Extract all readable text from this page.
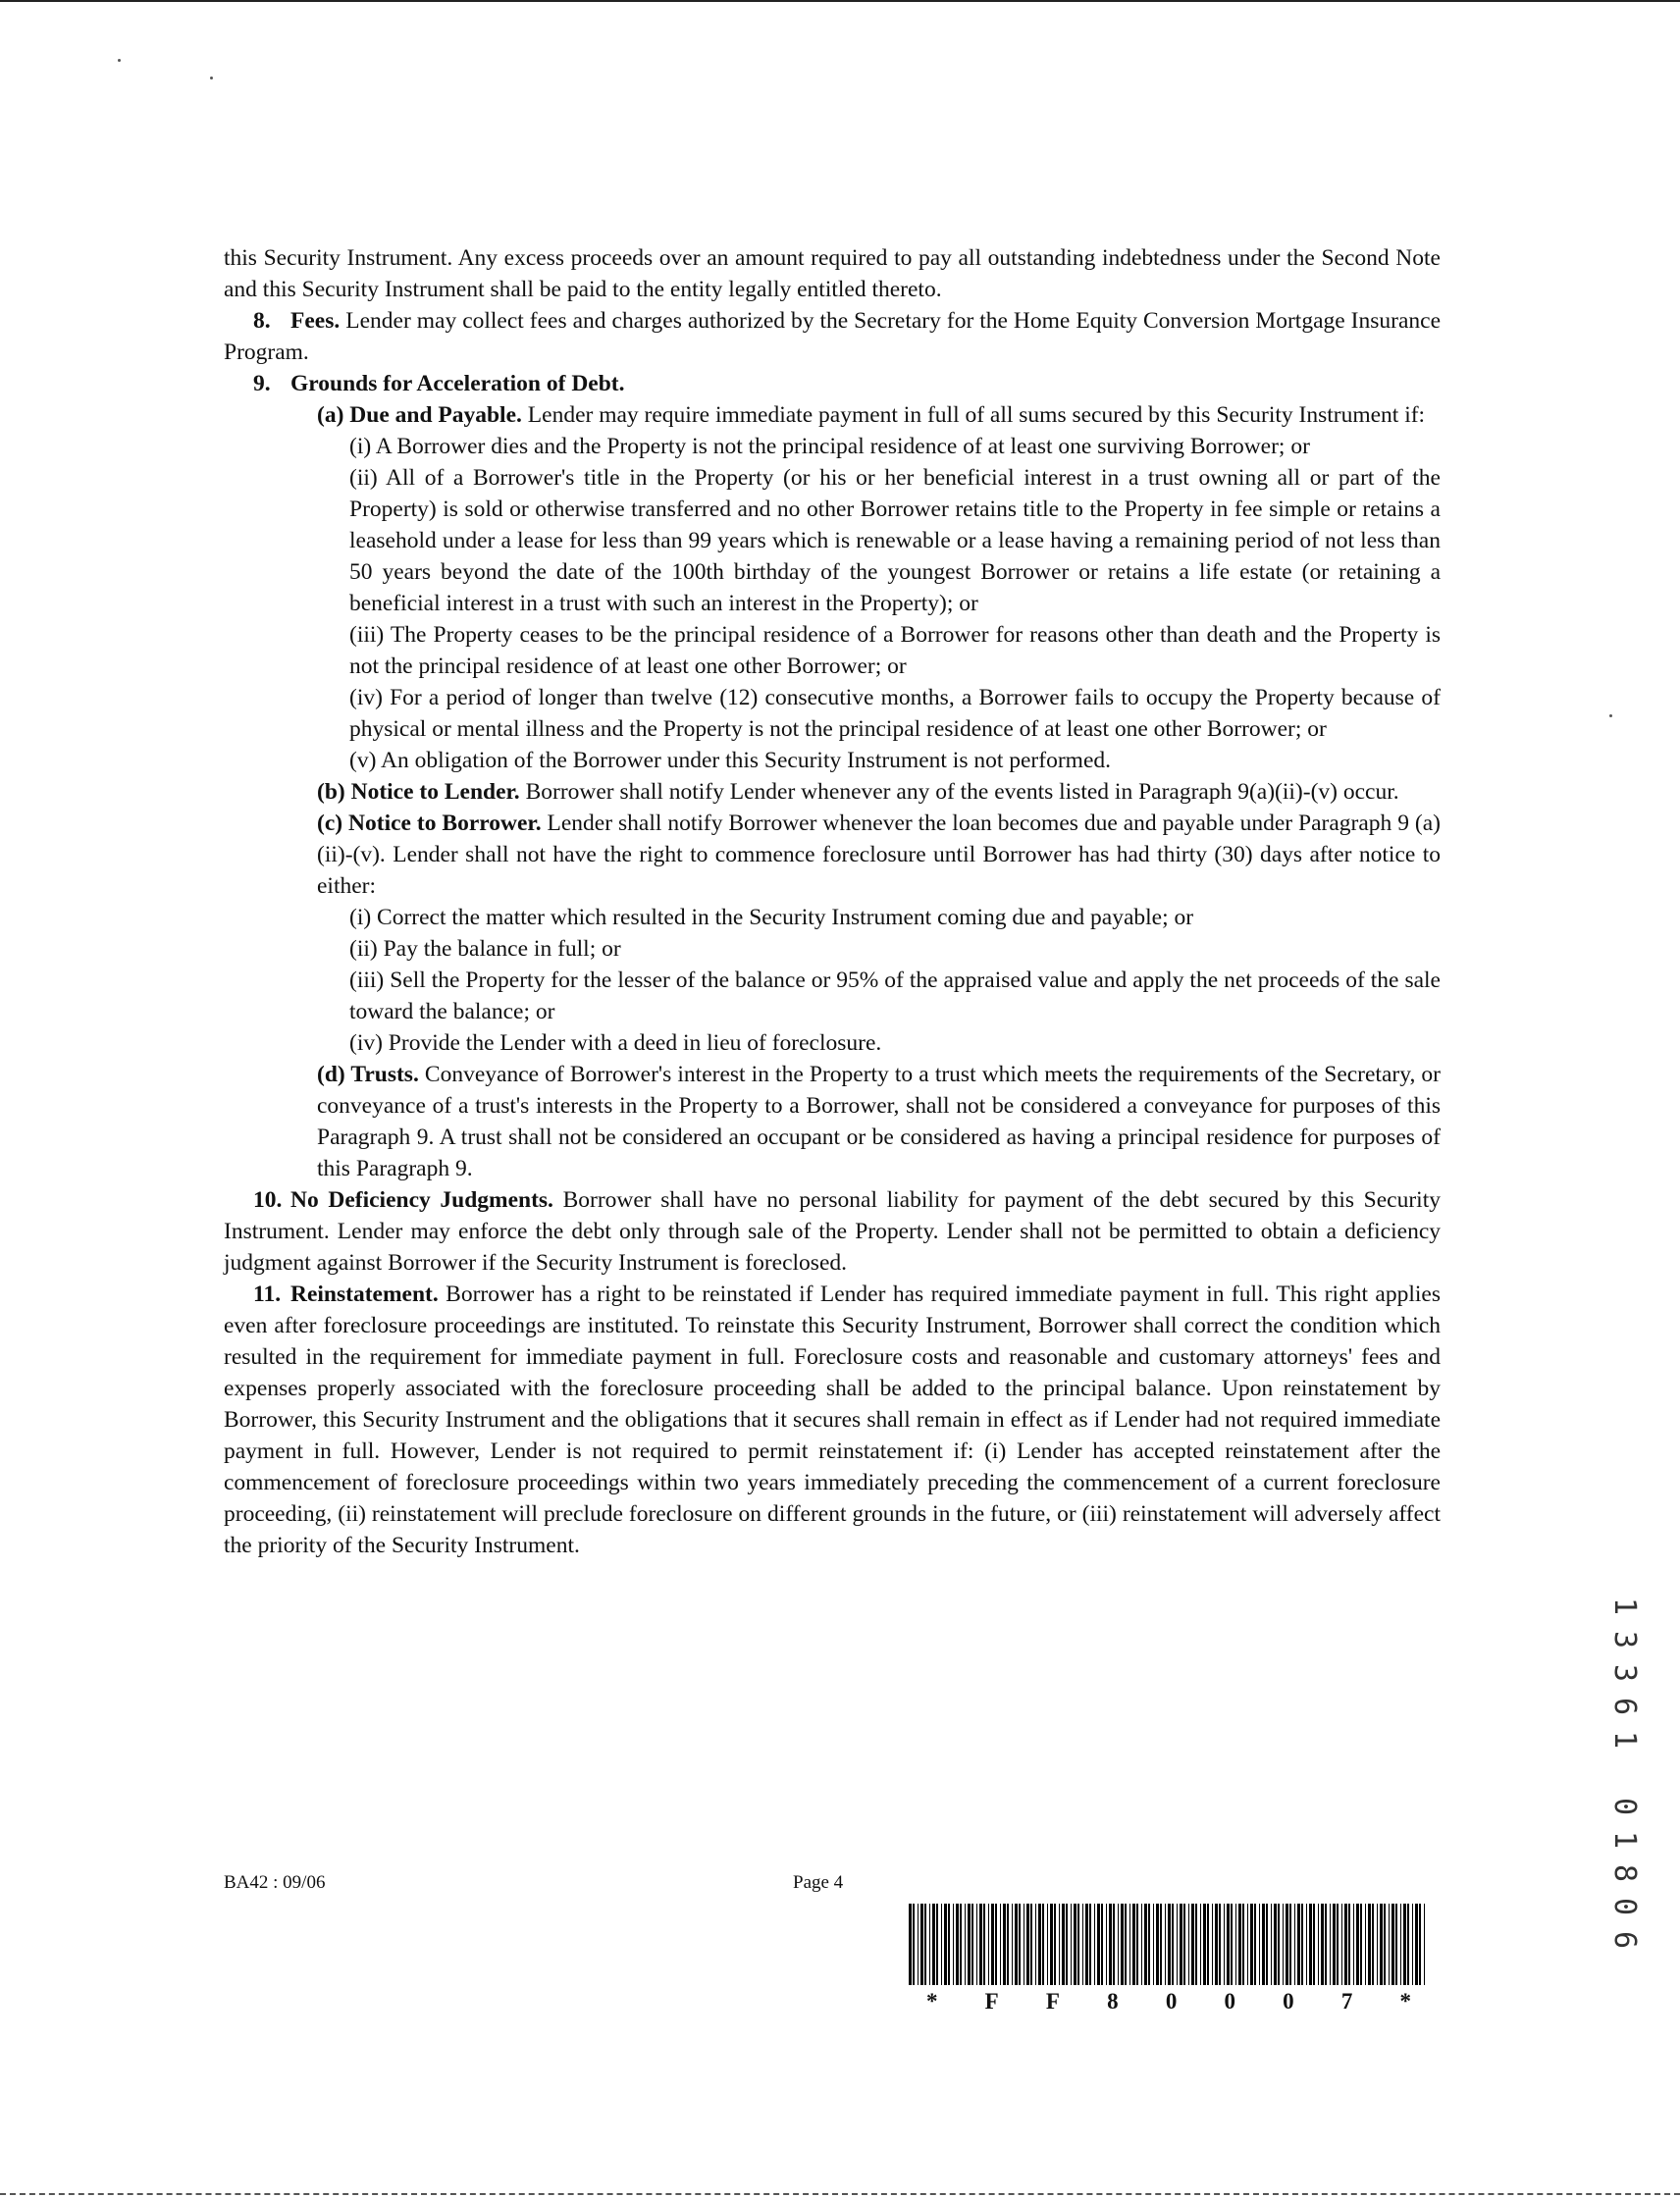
this Security Instrument. Any excess proceeds over an amount required to pay all outstanding indebtedness under the Second Note and this Security Instrument shall be paid to the entity legally entitled thereto.

8. Fees. Lender may collect fees and charges authorized by the Secretary for the Home Equity Conversion Mortgage Insurance Program.

9. Grounds for Acceleration of Debt.

(a) Due and Payable. Lender may require immediate payment in full of all sums secured by this Security Instrument if:

(i) A Borrower dies and the Property is not the principal residence of at least one surviving Borrower; or

(ii) All of a Borrower's title in the Property (or his or her beneficial interest in a trust owning all or part of the Property) is sold or otherwise transferred and no other Borrower retains title to the Property in fee simple or retains a leasehold under a lease for less than 99 years which is renewable or a lease having a remaining period of not less than 50 years beyond the date of the 100th birthday of the youngest Borrower or retains a life estate (or retaining a beneficial interest in a trust with such an interest in the Property); or

(iii) The Property ceases to be the principal residence of a Borrower for reasons other than death and the Property is not the principal residence of at least one other Borrower; or

(iv) For a period of longer than twelve (12) consecutive months, a Borrower fails to occupy the Property because of physical or mental illness and the Property is not the principal residence of at least one other Borrower; or

(v) An obligation of the Borrower under this Security Instrument is not performed.

(b) Notice to Lender. Borrower shall notify Lender whenever any of the events listed in Paragraph 9(a)(ii)-(v) occur.

(c) Notice to Borrower. Lender shall notify Borrower whenever the loan becomes due and payable under Paragraph 9 (a)(ii)-(v). Lender shall not have the right to commence foreclosure until Borrower has had thirty (30) days after notice to either:

(i) Correct the matter which resulted in the Security Instrument coming due and payable; or

(ii) Pay the balance in full; or

(iii) Sell the Property for the lesser of the balance or 95% of the appraised value and apply the net proceeds of the sale toward the balance; or

(iv) Provide the Lender with a deed in lieu of foreclosure.

(d) Trusts. Conveyance of Borrower's interest in the Property to a trust which meets the requirements of the Secretary, or conveyance of a trust's interests in the Property to a Borrower, shall not be considered a conveyance for purposes of this Paragraph 9. A trust shall not be considered an occupant or be considered as having a principal residence for purposes of this Paragraph 9.

10. No Deficiency Judgments. Borrower shall have no personal liability for payment of the debt secured by this Security Instrument. Lender may enforce the debt only through sale of the Property. Lender shall not be permitted to obtain a deficiency judgment against Borrower if the Security Instrument is foreclosed.

11. Reinstatement. Borrower has a right to be reinstated if Lender has required immediate payment in full. This right applies even after foreclosure proceedings are instituted. To reinstate this Security Instrument, Borrower shall correct the condition which resulted in the requirement for immediate payment in full. Foreclosure costs and reasonable and customary attorneys' fees and expenses properly associated with the foreclosure proceeding shall be added to the principal balance. Upon reinstatement by Borrower, this Security Instrument and the obligations that it secures shall remain in effect as if Lender had not required immediate payment in full. However, Lender is not required to permit reinstatement if: (i) Lender has accepted reinstatement after the commencement of foreclosure proceedings within two years immediately preceding the commencement of a current foreclosure proceeding, (ii) reinstatement will preclude foreclosure on different grounds in the future, or (iii) reinstatement will adversely affect the priority of the Security Instrument.

BA42 : 09/06	Page 4
* F F 8 0 0 0 7 *
1
3
3
6
1

0
1
8
0
6
